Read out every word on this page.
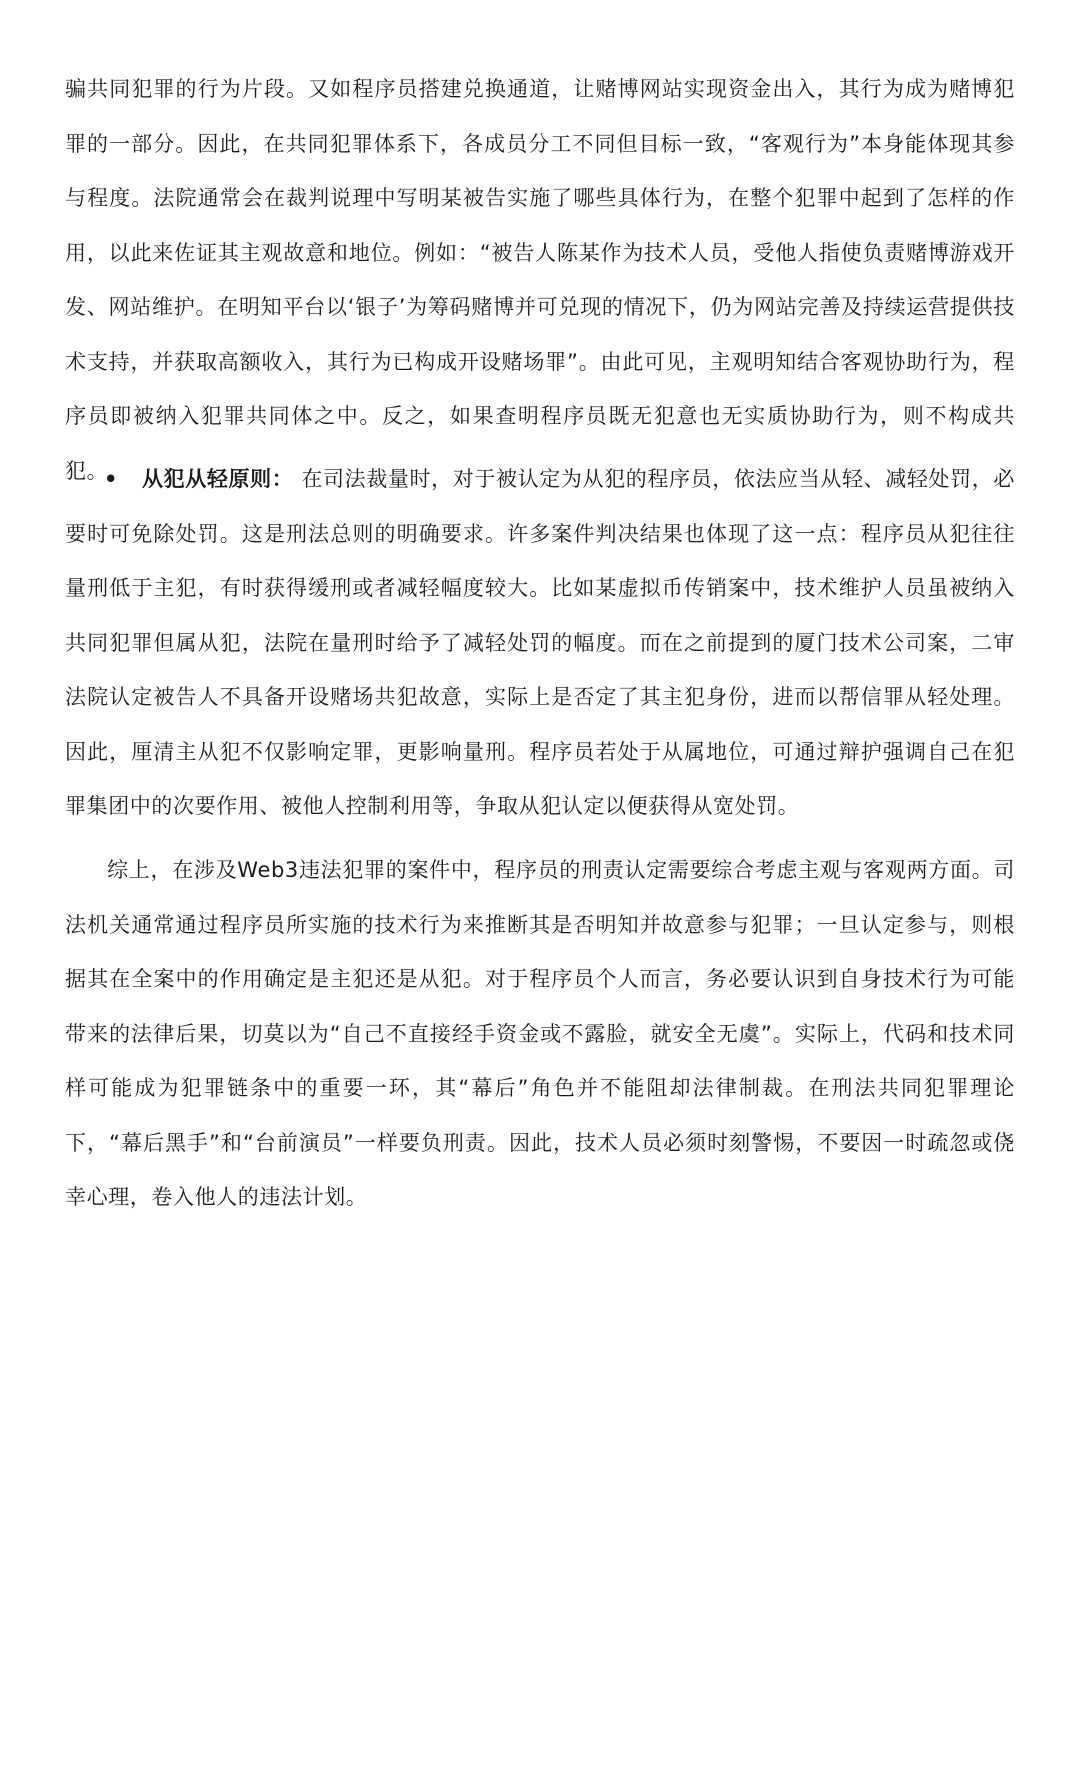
骗共同犯罪的行为片段。又如程序员搭建兑换通道，让赌博网站实现资金出入，其行为成为赌博犯罪的一部分。因此，在共同犯罪体系下，各成员分工不同但目标一致，“客观行为”本身能体现其参与程度。法院通常会在裁判说理中写明某被告实施了哪些具体行为，在整个犯罪中起到了怎样的作用，以此来佐证其主观故意和地位。例如：“被告人陈某作为技术人员，受他人指使负责赌博游戏开发、网站维护。在明知平台以‘银子’为筹码赌博并可兑现的情况下，仍为网站完善及持续运营提供技术支持，并获取高额收入，其行为已构成开设赌场罪”。由此可见，主观明知结合客观协助行为，程序员即被纳入犯罪共同体之中。反之，如果查明程序员既无犯意也无实质协助行为，则不构成共犯。
• 从犯从轻原则： 在司法裁量时，对于被认定为从犯的程序员，依法应当从轻、减轻处罚，必要时可免除处罚。这是刑法总则的明确要求。许多案件判决结果也体现了这一点：程序员从犯往往量刑低于主犯，有时获得缓刑或者减轻幅度较大。比如某虚拟币传销案中，技术维护人员虽被纳入共同犯罪但属从犯，法院在量刑时给予了减轻处罚的幅度。而在之前提到的厦门技术公司案，二审法院认定被告人不具备开设赌场共犯故意，实际上是否定了其主犯身份，进而以帮信罪从轻处理。因此，厘清主从犯不仅影响定罪，更影响量刑。程序员若处于从属地位，可通过辩护强调自己在犯罪集团中的次要作用、被他人控制利用等，争取从犯认定以便获得从宽处罚。
综上，在涉及Web3违法犯罪的案件中，程序员的刑责认定需要综合考虑主观与客观两方面。司法机关通常通过程序员所实施的技术行为来推断其是否明知并故意参与犯罪；一旦认定参与，则根据其在全案中的作用确定是主犯还是从犯。对于程序员个人而言，务必要认识到自身技术行为可能带来的法律后果，切莫以为“自己不直接经手资金或不露脸，就安全无虞”。实际上，代码和技术同样可能成为犯罪链条中的重要一环，其“幕后”角色并不能阻却法律制裁。在刑法共同犯罪理论下，“幕后黑手”和“台前演员”一样要负刑责。因此，技术人员必须时刻警惕，不要因一时疏忽或侥幸心理，卷入他人的违法计划。
